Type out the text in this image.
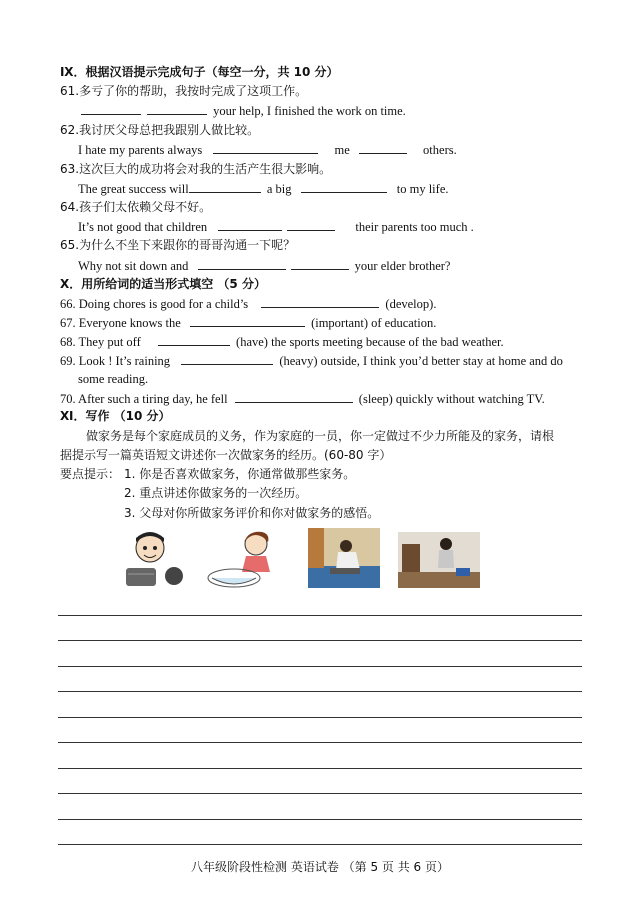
Ⅸ．根据汉语提示完成句子（每空一分，共 10 分）
61.多亏了你的帮助，我按时完成了这项工作。
your help, I finished the work on time.
62.我讨厌父母总把我跟别人做比较。
I hate my parents always	me	others.
63.这次巨大的成功将会对我的生活产生很大影响。
The great success will	a big	to my life.
64.孩子们太依赖父母不好。
It’s not good that children	their parents too much .
65.为什么不坐下来跟你的哥哥沟通一下呢？
Why not sit down and	your elder brother?
Ⅹ．用所给词的适当形式填空 （5 分）
66. Doing chores is good for a child’s	(develop).
67. Everyone knows the	(important) of education.
68. They put off	(have) the sports meeting because of the bad weather.
69. Look ! It’s raining	(heavy) outside, I think you’d better stay at home and do
some reading.
70. After such a tiring day, he fell	(sleep) quickly without watching TV.
Ⅺ．写作 （10 分）
做家务是每个家庭成员的义务，作为家庭的一员，你一定做过不少力所能及的家务，请根
据提示写一篇英语短文讲述你一次做家务的经历。(60-80 字）
要点提示： 1. 你是否喜欢做家务，你通常做那些家务。
2. 重点讲述你做家务的一次经历。
3. 父母对你所做家务评价和你对做家务的感悟。
八年级阶段性检测 英语试卷 （第 5 页 共 6 页）
